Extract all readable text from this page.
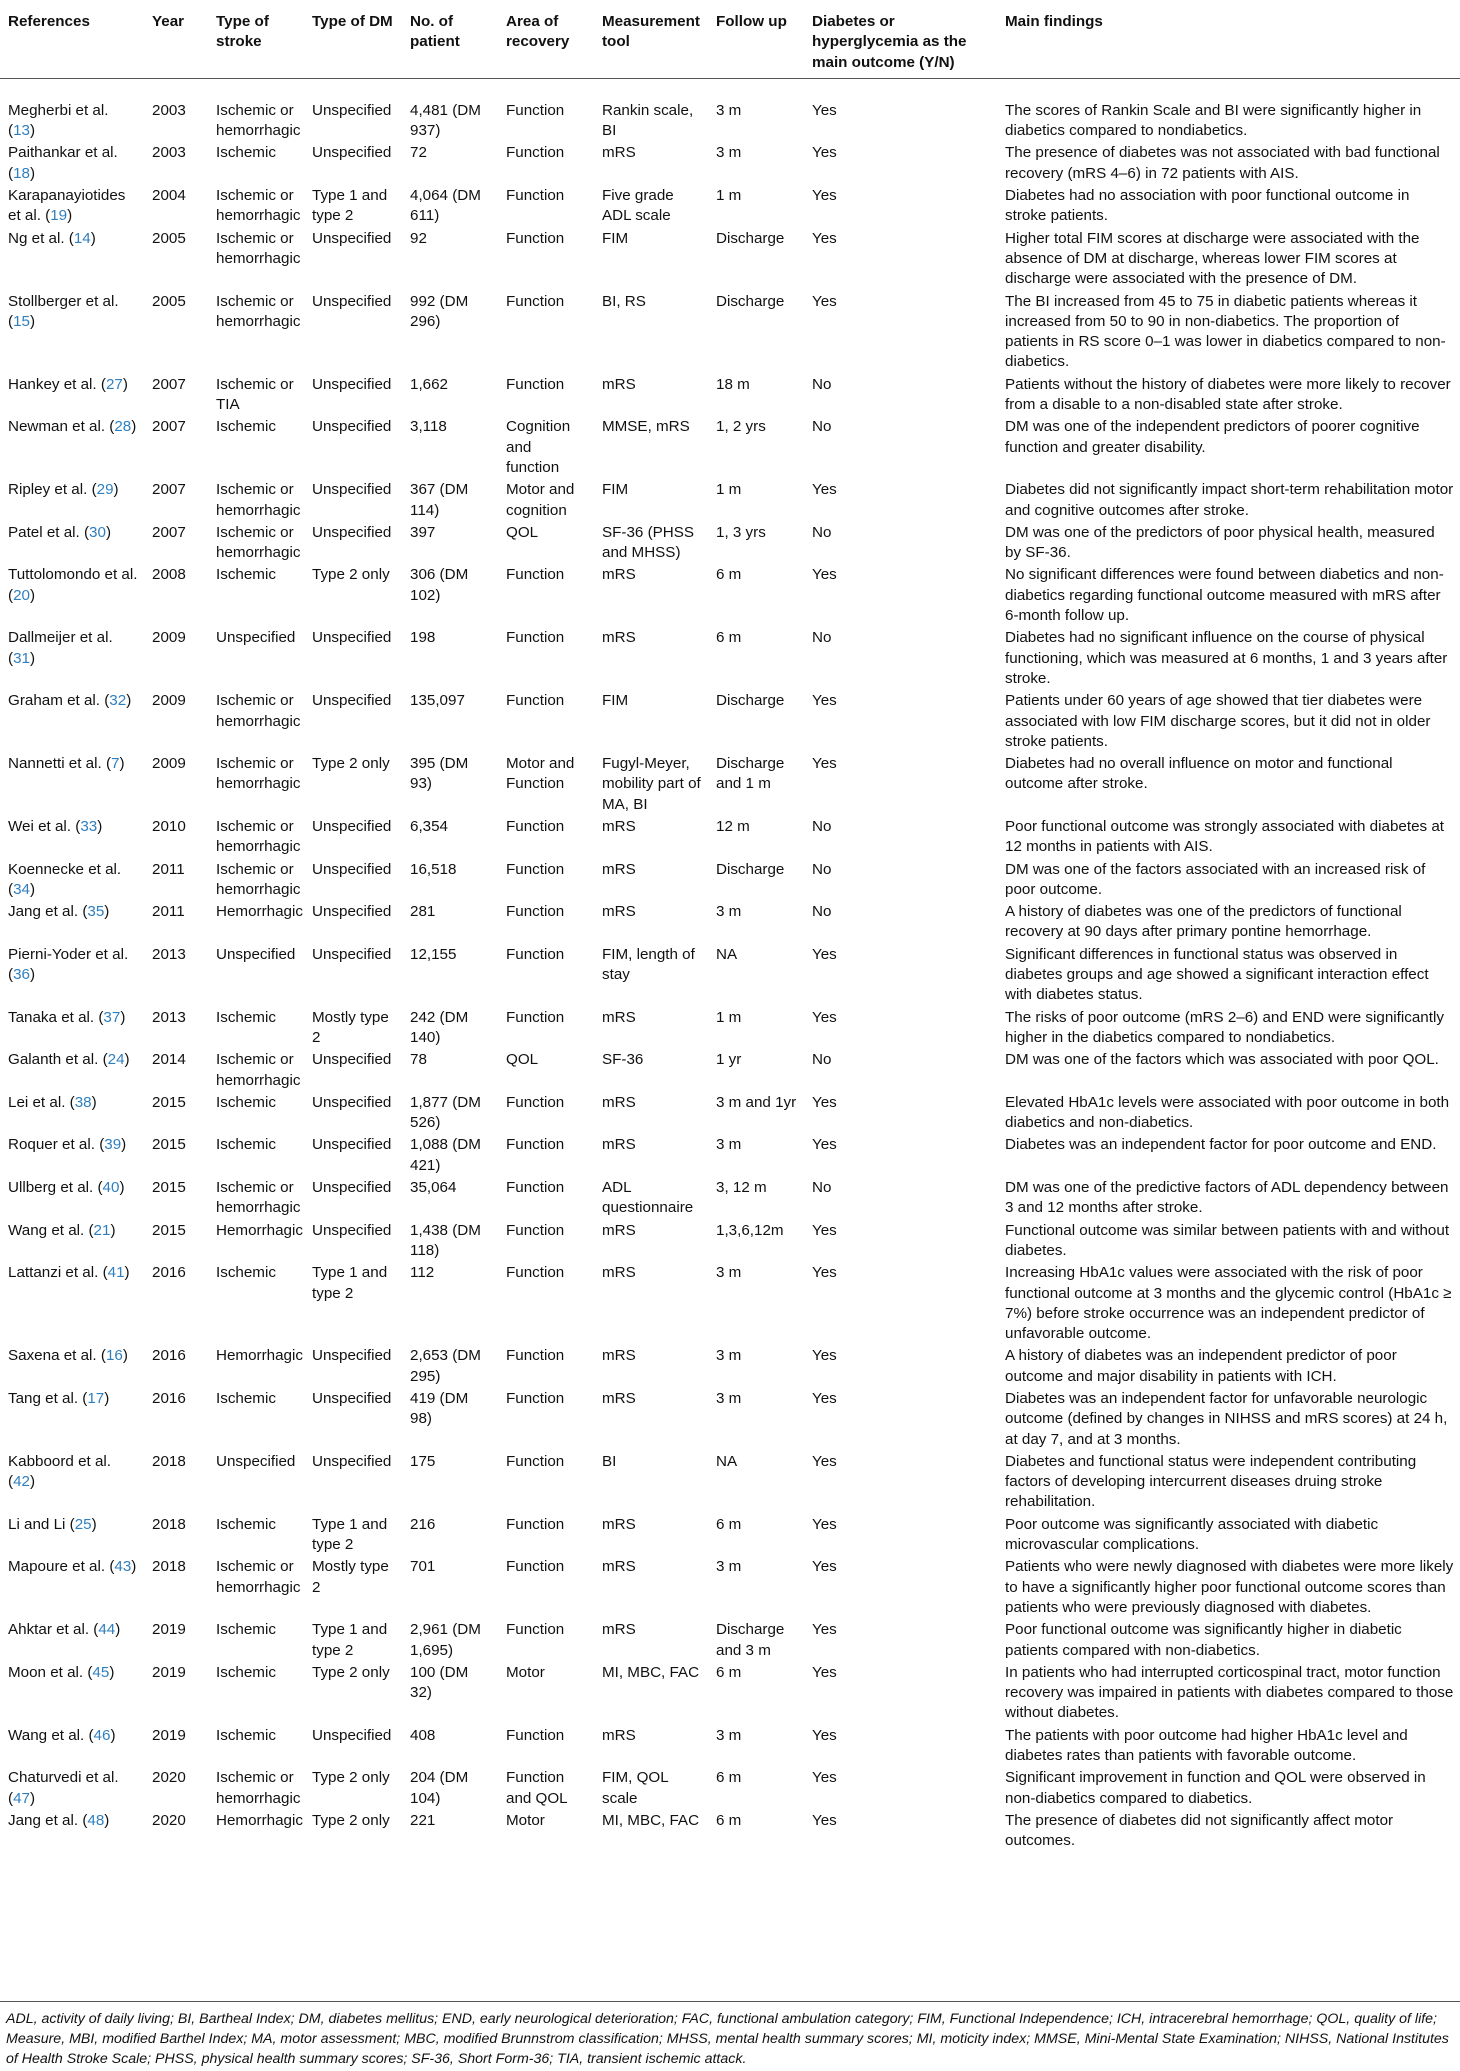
References	Year	Type of stroke	Type of DM	No. of patient	Area of recovery	Measurement tool	Follow up	Diabetes or hyperglycemia as the main outcome (Y/N)	Main findings
Megherbi et al. (13)	2003	Ischemic or hemorrhagic	Unspecified	4,481 (DM 937)	Function	Rankin scale, BI	3 m	Yes	The scores of Rankin Scale and BI were significantly higher in diabetics compared to nondiabetics.
Paithankar et al. (18)	2003	Ischemic	Unspecified	72	Function	mRS	3 m	Yes	The presence of diabetes was not associated with bad functional recovery (mRS 4–6) in 72 patients with AIS.
Karapanayiotides et al. (19)	2004	Ischemic or hemorrhagic	Type 1 and type 2	4,064 (DM 611)	Function	Five grade ADL scale	1 m	Yes	Diabetes had no association with poor functional outcome in stroke patients.
Ng et al. (14)	2005	Ischemic or hemorrhagic	Unspecified	92	Function	FIM	Discharge	Yes	Higher total FIM scores at discharge were associated with the absence of DM at discharge, whereas lower FIM scores at discharge were associated with the presence of DM.
Stollberger et al. (15)	2005	Ischemic or hemorrhagic	Unspecified	992 (DM 296)	Function	BI, RS	Discharge	Yes	The BI increased from 45 to 75 in diabetic patients whereas it increased from 50 to 90 in non-diabetics. The proportion of patients in RS score 0–1 was lower in diabetics compared to non-diabetics.
Hankey et al. (27)	2007	Ischemic or TIA	Unspecified	1,662	Function	mRS	18 m	No	Patients without the history of diabetes were more likely to recover from a disable to a non-disabled state after stroke.
Newman et al. (28)	2007	Ischemic	Unspecified	3,118	Cognition and function	MMSE, mRS	1, 2 yrs	No	DM was one of the independent predictors of poorer cognitive function and greater disability.
Ripley et al. (29)	2007	Ischemic or hemorrhagic	Unspecified	367 (DM 114)	Motor and cognition	FIM	1 m	Yes	Diabetes did not significantly impact short-term rehabilitation motor and cognitive outcomes after stroke.
Patel et al. (30)	2007	Ischemic or hemorrhagic	Unspecified	397	QOL	SF-36 (PHSS and MHSS)	1, 3 yrs	No	DM was one of the predictors of poor physical health, measured by SF-36.
Tuttolomondo et al. (20)	2008	Ischemic	Type 2 only	306 (DM 102)	Function	mRS	6 m	Yes	No significant differences were found between diabetics and non-diabetics regarding functional outcome measured with mRS after 6-month follow up.
Dallmeijer et al. (31)	2009	Unspecified	Unspecified	198	Function	mRS	6 m	No	Diabetes had no significant influence on the course of physical functioning, which was measured at 6 months, 1 and 3 years after stroke.
Graham et al. (32)	2009	Ischemic or hemorrhagic	Unspecified	135,097	Function	FIM	Discharge	Yes	Patients under 60 years of age showed that tier diabetes were associated with low FIM discharge scores, but it did not in older stroke patients.
Nannetti et al. (7)	2009	Ischemic or hemorrhagic	Type 2 only	395 (DM 93)	Motor and Function	Fugyl-Meyer, mobility part of MA, BI	Discharge and 1 m	Yes	Diabetes had no overall influence on motor and functional outcome after stroke.
Wei et al. (33)	2010	Ischemic or hemorrhagic	Unspecified	6,354	Function	mRS	12 m	No	Poor functional outcome was strongly associated with diabetes at 12 months in patients with AIS.
Koennecke et al. (34)	2011	Ischemic or hemorrhagic	Unspecified	16,518	Function	mRS	Discharge	No	DM was one of the factors associated with an increased risk of poor outcome.
Jang et al. (35)	2011	Hemorrhagic	Unspecified	281	Function	mRS	3 m	No	A history of diabetes was one of the predictors of functional recovery at 90 days after primary pontine hemorrhage.
Pierni-Yoder et al. (36)	2013	Unspecified	Unspecified	12,155	Function	FIM, length of stay	NA	Yes	Significant differences in functional status was observed in diabetes groups and age showed a significant interaction effect with diabetes status.
Tanaka et al. (37)	2013	Ischemic	Mostly type 2	242 (DM 140)	Function	mRS	1 m	Yes	The risks of poor outcome (mRS 2–6) and END were significantly higher in the diabetics compared to nondiabetics.
Galanth et al. (24)	2014	Ischemic or hemorrhagic	Unspecified	78	QOL	SF-36	1 yr	No	DM was one of the factors which was associated with poor QOL.
Lei et al. (38)	2015	Ischemic	Unspecified	1,877 (DM 526)	Function	mRS	3 m and 1yr	Yes	Elevated HbA1c levels were associated with poor outcome in both diabetics and non-diabetics.
Roquer et al. (39)	2015	Ischemic	Unspecified	1,088 (DM 421)	Function	mRS	3 m	Yes	Diabetes was an independent factor for poor outcome and END.
Ullberg et al. (40)	2015	Ischemic or hemorrhagic	Unspecified	35,064	Function	ADL questionnaire	3, 12 m	No	DM was one of the predictive factors of ADL dependency between 3 and 12 months after stroke.
Wang et al. (21)	2015	Hemorrhagic	Unspecified	1,438 (DM 118)	Function	mRS	1,3,6,12m	Yes	Functional outcome was similar between patients with and without diabetes.
Lattanzi et al. (41)	2016	Ischemic	Type 1 and type 2	112	Function	mRS	3 m	Yes	Increasing HbA1c values were associated with the risk of poor functional outcome at 3 months and the glycemic control (HbA1c ≥ 7%) before stroke occurrence was an independent predictor of unfavorable outcome.
Saxena et al. (16)	2016	Hemorrhagic	Unspecified	2,653 (DM 295)	Function	mRS	3 m	Yes	A history of diabetes was an independent predictor of poor outcome and major disability in patients with ICH.
Tang et al. (17)	2016	Ischemic	Unspecified	419 (DM 98)	Function	mRS	3 m	Yes	Diabetes was an independent factor for unfavorable neurologic outcome (defined by changes in NIHSS and mRS scores) at 24 h, at day 7, and at 3 months.
Kabboord et al. (42)	2018	Unspecified	Unspecified	175	Function	BI	NA	Yes	Diabetes and functional status were independent contributing factors of developing intercurrent diseases druing stroke rehabilitation.
Li and Li (25)	2018	Ischemic	Type 1 and type 2	216	Function	mRS	6 m	Yes	Poor outcome was significantly associated with diabetic microvascular complications.
Mapoure et al. (43)	2018	Ischemic or hemorrhagic	Mostly type 2	701	Function	mRS	3 m	Yes	Patients who were newly diagnosed with diabetes were more likely to have a significantly higher poor functional outcome scores than patients who were previously diagnosed with diabetes.
Ahktar et al. (44)	2019	Ischemic	Type 1 and type 2	2,961 (DM 1,695)	Function	mRS	Discharge and 3 m	Yes	Poor functional outcome was significantly higher in diabetic patients compared with non-diabetics.
Moon et al. (45)	2019	Ischemic	Type 2 only	100 (DM 32)	Motor	MI, MBC, FAC	6 m	Yes	In patients who had interrupted corticospinal tract, motor function recovery was impaired in patients with diabetes compared to those without diabetes.
Wang et al. (46)	2019	Ischemic	Unspecified	408	Function	mRS	3 m	Yes	The patients with poor outcome had higher HbA1c level and diabetes rates than patients with favorable outcome.
Chaturvedi et al. (47)	2020	Ischemic or hemorrhagic	Type 2 only	204 (DM 104)	Function and QOL	FIM, QOL scale	6 m	Yes	Significant improvement in function and QOL were observed in non-diabetics compared to diabetics.
Jang et al. (48)	2020	Hemorrhagic	Type 2 only	221	Motor	MI, MBC, FAC	6 m	Yes	The presence of diabetes did not significantly affect motor outcomes.
ADL, activity of daily living; BI, Bartheal Index; DM, diabetes mellitus; END, early neurological deterioration; FAC, functional ambulation category; FIM, Functional Independence; ICH, intracerebral hemorrhage; QOL, quality of life; Measure, MBI, modified Barthel Index; MA, motor assessment; MBC, modified Brunnstrom classification; MHSS, mental health summary scores; MI, moticity index; MMSE, Mini-Mental State Examination; NIHSS, National Institutes of Health Stroke Scale; PHSS, physical health summary scores; SF-36, Short Form-36; TIA, transient ischemic attack.
